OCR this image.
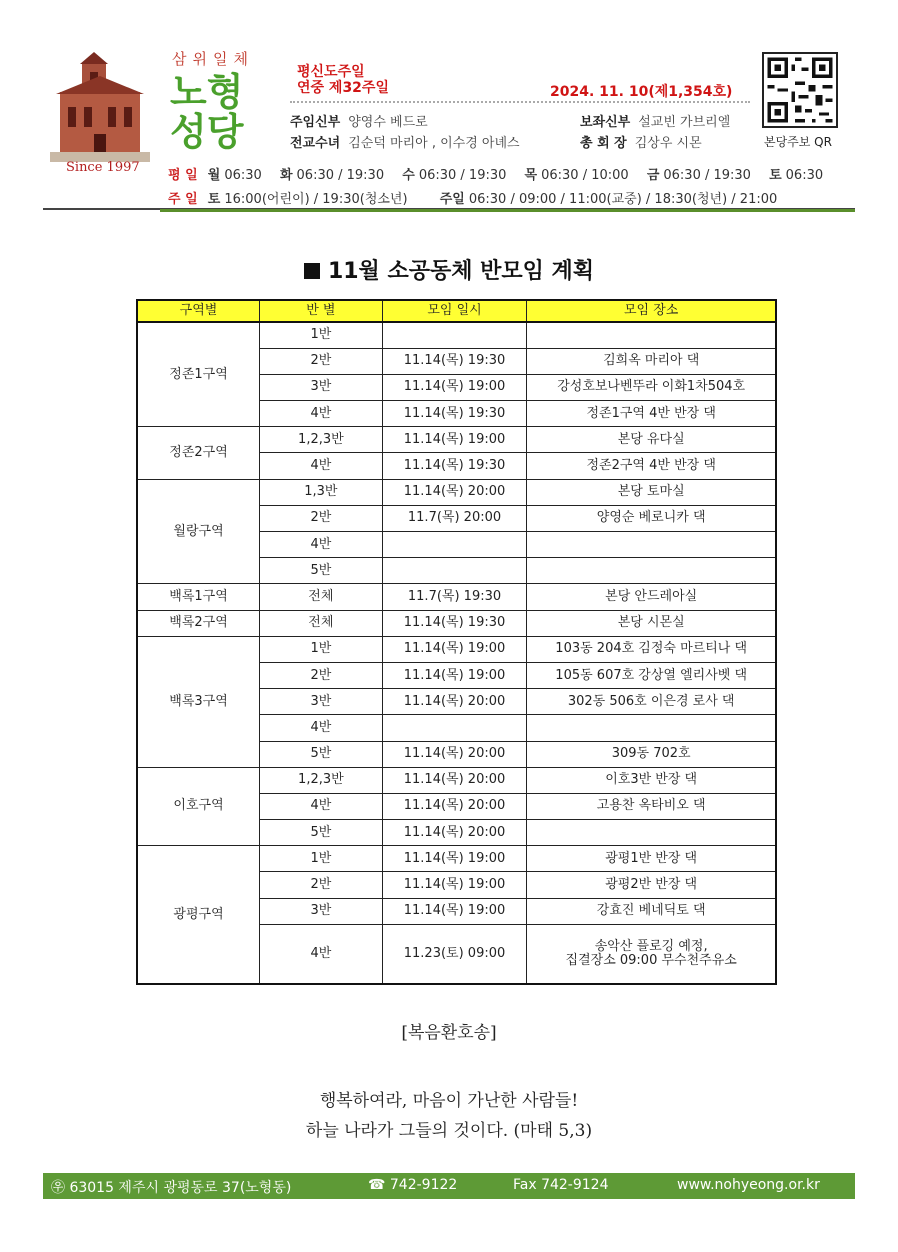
Since 1997
삼위일체
노형성당
평신도주일
연중 제32주일	2024. 11. 10(제1,354호)
주임신부 양영수 베드로	보좌신부 설교빈 가브리엘
전교수녀 김순덕 마리아 , 이수경 아녜스	총 회 장 김상우 시몬	본당주보 QR
평 일 월 06:30 화 06:30 / 19:30 수 06:30 / 19:30 목 06:30 / 10:00 금 06:30 / 19:30 토 06:30
주 일 토 16:00(어린이) / 19:30(청소년) 주일 06:30 / 09:00 / 11:00(교중) / 18:30(청년) / 21:00
11월 소공동체 반모임 계획
구역별	반 별	모임 일시	모임 장소
정존1구역	1반		
	2반	11.14(목) 19:30	김희옥 마리아 댁
	3반	11.14(목) 19:00	강성호보나벤뚜라 이화1차504호
	4반	11.14(목) 19:30	정존1구역 4반 반장 댁
정존2구역	1,2,3반	11.14(목) 19:00	본당 유다실
	4반	11.14(목) 19:30	정존2구역 4반 반장 댁
월랑구역	1,3반	11.14(목) 20:00	본당 토마실
	2반	11.7(목) 20:00	양영순 베로니카 댁
	4반		
	5반		
백록1구역	전체	11.7(목) 19:30	본당 안드레아실
백록2구역	전체	11.14(목) 19:30	본당 시몬실
백록3구역	1반	11.14(목) 19:00	103동 204호 김정숙 마르티나 댁
	2반	11.14(목) 19:00	105동 607호 강상열 엘리사벳 댁
	3반	11.14(목) 20:00	302동 506호 이은경 로사 댁
	4반		
	5반	11.14(목) 20:00	309동 702호
이호구역	1,2,3반	11.14(목) 20:00	이호3반 반장 댁
	4반	11.14(목) 20:00	고용찬 옥타비오 댁
	5반	11.14(목) 20:00	
광평구역	1반	11.14(목) 19:00	광평1반 반장 댁
	2반	11.14(목) 19:00	광평2반 반장 댁
	3반	11.14(목) 19:00	강효진 베네딕토 댁
	4반	11.23(토) 09:00	송악산 플로깅 예정,
집결장소 09:00 무수천주유소
[복음환호송]
행복하여라, 마음이 가난한 사람들!
하늘 나라가 그들의 것이다. (마태 5,3)
㉾ 63015 제주시 광평동로 37(노형동)	☎ 742-9122	Fax 742-9124	www.nohyeong.or.kr
